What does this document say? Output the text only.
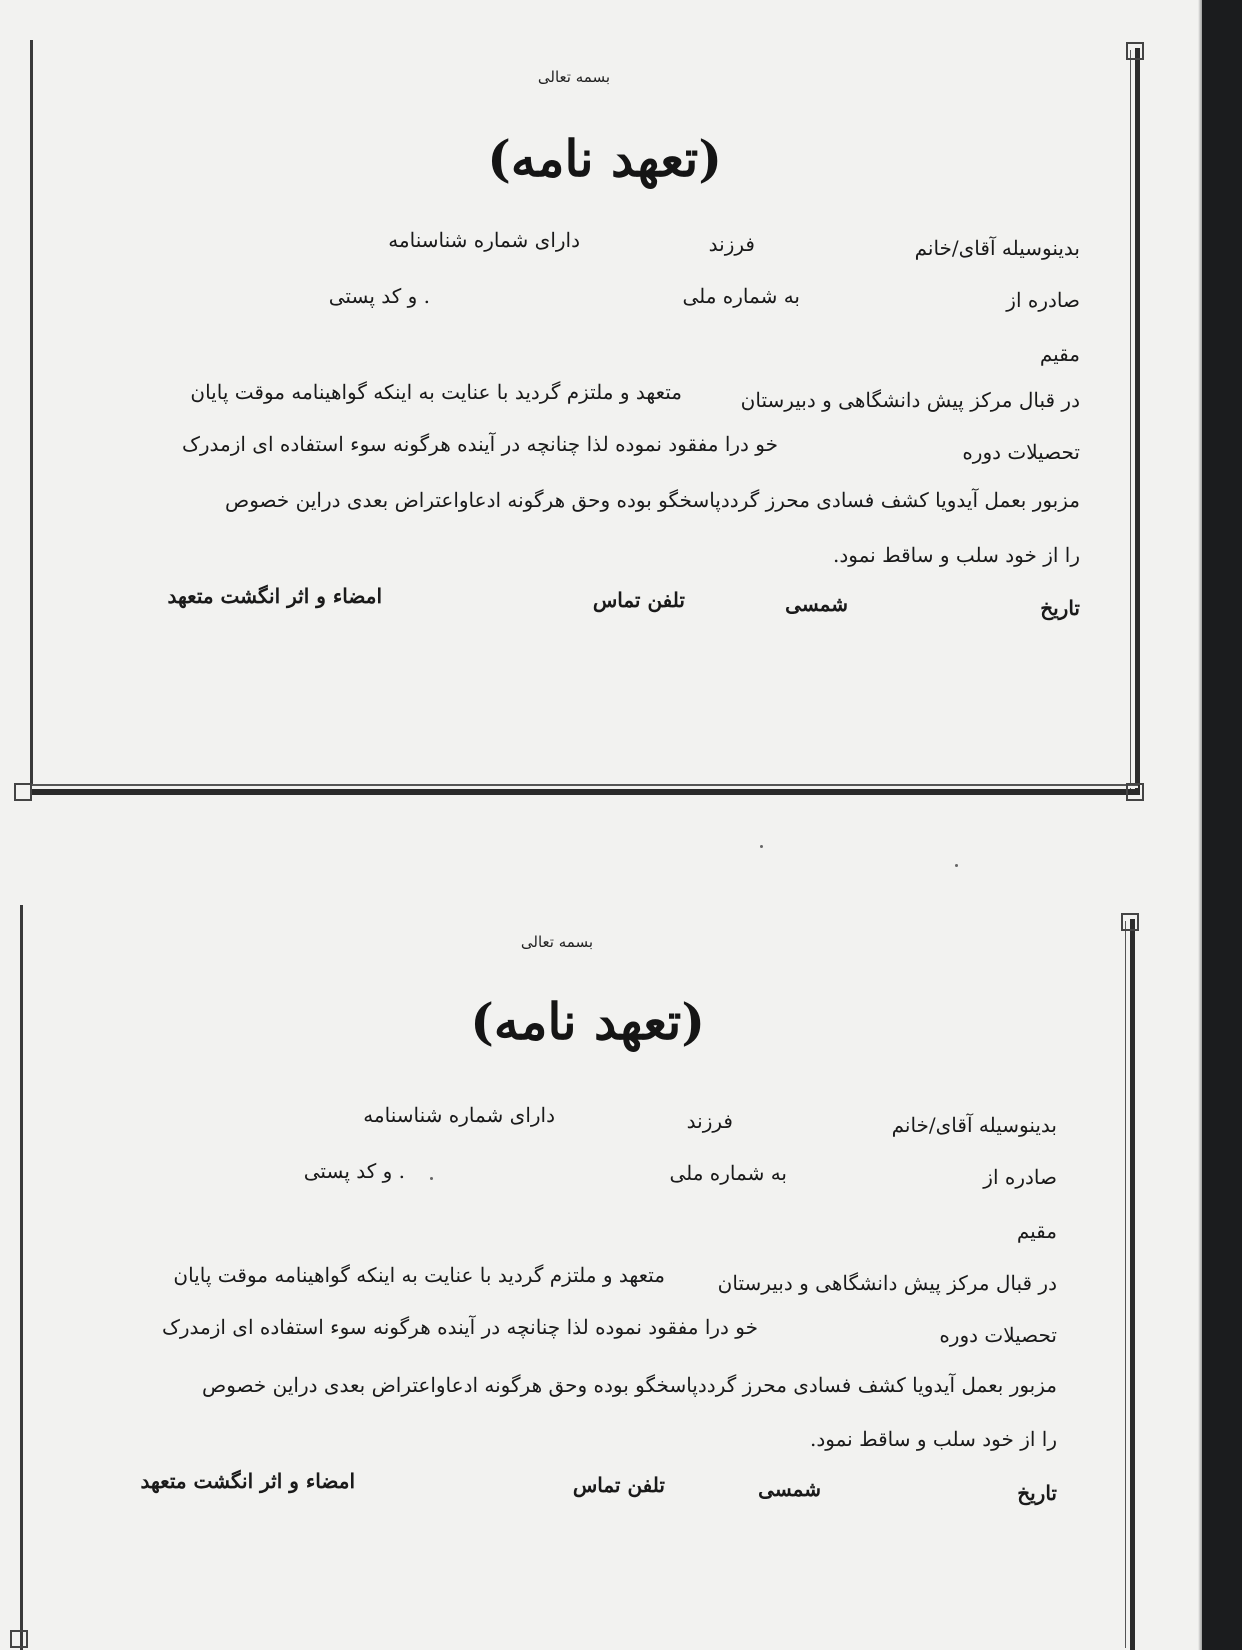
بسمه تعالی
(تعهد نامه)
بدینوسیله آقای/خانم
فرزند
دارای شماره شناسنامه
صادره از
به شماره ملی
. و کد پستی
مقیم
در قبال مرکز پیش دانشگاهی و دبیرستان
متعهد و ملتزم گردید با عنایت به اینکه گواهینامه موقت پایان
تحصیلات دوره
خو درا مفقود نموده لذا چنانچه در آینده هرگونه سوء استفاده ای ازمدرک
مزبور بعمل آیدویا کشف فسادی محرز گرددپاسخگو بوده وحق هرگونه ادعاواعتراض بعدی دراین خصوص
را از خود سلب و ساقط نمود.
تاریخ
شمسی
تلفن تماس
امضاء و اثر انگشت متعهد
بسمه تعالی
(تعهد نامه)
بدینوسیله آقای/خانم
فرزند
دارای شماره شناسنامه
صادره از
به شماره ملی
. و کد پستی
مقیم
در قبال مرکز پیش دانشگاهی و دبیرستان
متعهد و ملتزم گردید با عنایت به اینکه گواهینامه موقت پایان
تحصیلات دوره
خو درا مفقود نموده لذا چنانچه در آینده هرگونه سوء استفاده ای ازمدرک
مزبور بعمل آیدویا کشف فسادی محرز گرددپاسخگو بوده وحق هرگونه ادعاواعتراض بعدی دراین خصوص
را از خود سلب و ساقط نمود.
تاریخ
شمسی
تلفن تماس
امضاء و اثر انگشت متعهد
